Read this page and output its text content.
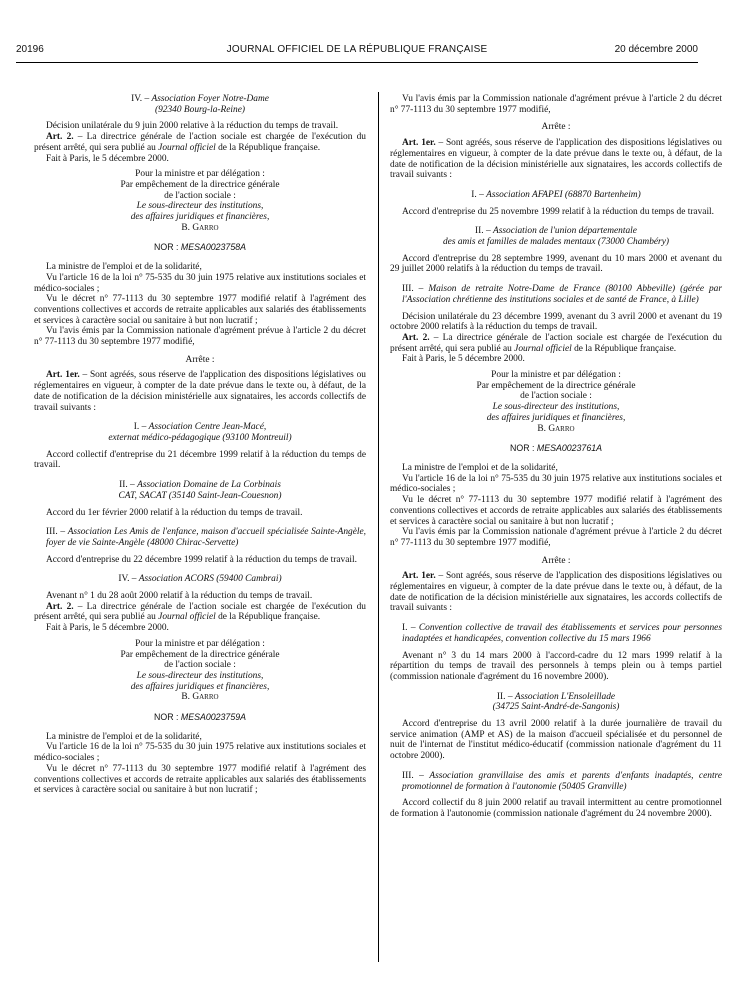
20196	JOURNAL OFFICIEL DE LA RÉPUBLIQUE FRANÇAISE	20 décembre 2000

IV. – Association Foyer Notre-Dame
(92340 Bourg-la-Reine)

Décision unilatérale du 9 juin 2000 relative à la réduction du temps de travail.

Art. 2. – La directrice générale de l'action sociale est chargée de l'exécution du présent arrêté, qui sera publié au Journal officiel de la République française.

Fait à Paris, le 5 décembre 2000.

Pour la ministre et par délégation :
Par empêchement de la directrice générale
de l'action sociale :
Le sous-directeur des institutions,
des affaires juridiques et financières,
B. Garro

NOR : MESA0023758A

La ministre de l'emploi et de la solidarité,

Vu l'article 16 de la loi n° 75-535 du 30 juin 1975 relative aux institutions sociales et médico-sociales ;

Vu le décret n° 77-1113 du 30 septembre 1977 modifié relatif à l'agrément des conventions collectives et accords de retraite applicables aux salariés des établissements et services à caractère social ou sanitaire à but non lucratif ;

Vu l'avis émis par la Commission nationale d'agrément prévue à l'article 2 du décret n° 77-1113 du 30 septembre 1977 modifié,

Arrête :

Art. 1er. – Sont agréés, sous réserve de l'application des dispositions législatives ou réglementaires en vigueur, à compter de la date prévue dans le texte ou, à défaut, de la date de notification de la décision ministérielle aux signataires, les accords collectifs de travail suivants :

I. – Association Centre Jean-Macé,
externat médico-pédagogique (93100 Montreuil)

Accord collectif d'entreprise du 21 décembre 1999 relatif à la réduction du temps de travail.

II. – Association Domaine de La Corbinais
CAT, SACAT (35140 Saint-Jean-Couesnon)

Accord du 1er février 2000 relatif à la réduction du temps de travail.

III. – Association Les Amis de l'enfance, maison d'accueil spécialisée Sainte-Angèle, foyer de vie Sainte-Angèle (48000 Chirac-Servette)

Accord d'entreprise du 22 décembre 1999 relatif à la réduction du temps de travail.

IV. – Association ACORS (59400 Cambrai)

Avenant n° 1 du 28 août 2000 relatif à la réduction du temps de travail.

Art. 2. – La directrice générale de l'action sociale est chargée de l'exécution du présent arrêté, qui sera publié au Journal officiel de la République française.

Fait à Paris, le 5 décembre 2000.

Pour la ministre et par délégation :
Par empêchement de la directrice générale
de l'action sociale :
Le sous-directeur des institutions,
des affaires juridiques et financières,
B. Garro

NOR : MESA0023759A

La ministre de l'emploi et de la solidarité,

Vu l'article 16 de la loi n° 75-535 du 30 juin 1975 relative aux institutions sociales et médico-sociales ;

Vu le décret n° 77-1113 du 30 septembre 1977 modifié relatif à l'agrément des conventions collectives et accords de retraite applicables aux salariés des établissements et services à caractère social ou sanitaire à but non lucratif ;

Vu l'avis émis par la Commission nationale d'agrément prévue à l'article 2 du décret n° 77-1113 du 30 septembre 1977 modifié,

Arrête :

Art. 1er. – Sont agréés, sous réserve de l'application des dispositions législatives ou réglementaires en vigueur, à compter de la date prévue dans le texte ou, à défaut, de la date de notification de la décision ministérielle aux signataires, les accords collectifs de travail suivants :

I. – Association AFAPEI (68870 Bartenheim)

Accord d'entreprise du 25 novembre 1999 relatif à la réduction du temps de travail.

II. – Association de l'union départementale
des amis et familles de malades mentaux (73000 Chambéry)

Accord d'entreprise du 28 septembre 1999, avenant du 10 mars 2000 et avenant du 29 juillet 2000 relatifs à la réduction du temps de travail.

III. – Maison de retraite Notre-Dame de France (80100 Abbeville) (gérée par l'Association chrétienne des institutions sociales et de santé de France, à Lille)

Décision unilatérale du 23 décembre 1999, avenant du 3 avril 2000 et avenant du 19 octobre 2000 relatifs à la réduction du temps de travail.

Art. 2. – La directrice générale de l'action sociale est chargée de l'exécution du présent arrêté, qui sera publié au Journal officiel de la République française.

Fait à Paris, le 5 décembre 2000.

Pour la ministre et par délégation :
Par empêchement de la directrice générale
de l'action sociale :
Le sous-directeur des institutions,
des affaires juridiques et financières,
B. Garro

NOR : MESA0023761A

La ministre de l'emploi et de la solidarité,

Vu l'article 16 de la loi n° 75-535 du 30 juin 1975 relative aux institutions sociales et médico-sociales ;

Vu le décret n° 77-1113 du 30 septembre 1977 modifié relatif à l'agrément des conventions collectives et accords de retraite applicables aux salariés des établissements et services à caractère social ou sanitaire à but non lucratif ;

Vu l'avis émis par la Commission nationale d'agrément prévue à l'article 2 du décret n° 77-1113 du 30 septembre 1977 modifié,

Arrête :

Art. 1er. – Sont agréés, sous réserve de l'application des dispositions législatives ou réglementaires en vigueur, à compter de la date prévue dans le texte ou, à défaut, de la date de notification de la décision ministérielle aux signataires, les accords collectifs de travail suivants :

I. – Convention collective de travail des établissements et services pour personnes inadaptées et handicapées, convention collective du 15 mars 1966

Avenant n° 3 du 14 mars 2000 à l'accord-cadre du 12 mars 1999 relatif à la répartition du temps de travail des personnels à temps plein ou à temps partiel (commission nationale d'agrément du 16 novembre 2000).

II. – Association L'Ensoleillade
(34725 Saint-André-de-Sangonis)

Accord d'entreprise du 13 avril 2000 relatif à la durée journalière de travail du service animation (AMP et AS) de la maison d'accueil spécialisée et du personnel de nuit de l'internat de l'institut médico-éducatif (commission nationale d'agrément du 11 octobre 2000).

III. – Association granvillaise des amis et parents d'enfants inadaptés, centre promotionnel de formation à l'autonomie (50405 Granville)

Accord collectif du 8 juin 2000 relatif au travail intermittent au centre promotionnel de formation à l'autonomie (commission nationale d'agrément du 24 novembre 2000).
